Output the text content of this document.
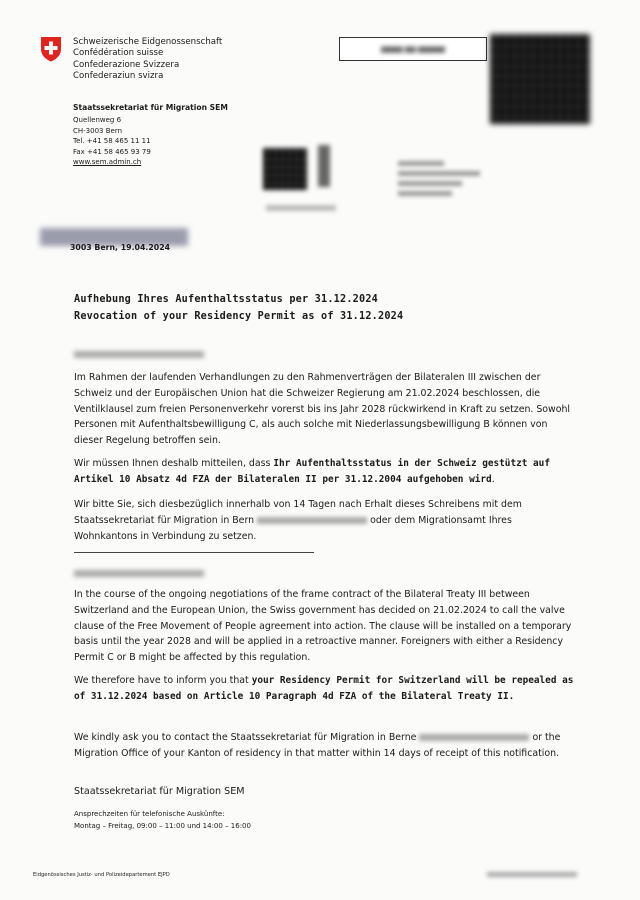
Schweizerische Eidgenossenschaft
Confédération suisse
Confederazione Svizzera
Confederaziun svizra
Staatssekretariat für Migration SEM
Quellenweg 6
CH-3003 Bern
Tel. +41 58 465 11 11
Fax +41 58 465 93 79
www.sem.admin.ch
▆▆▆▆ ▆▆ ▆▆▆▆▆
3003 Bern, 19.04.2024
Aufhebung Ihres Aufenthaltsstatus per 31.12.2024
Revocation of your Residency Permit as of 31.12.2024
Im Rahmen der laufenden Verhandlungen zu den Rahmenverträgen der Bilateralen III zwischen der Schweiz und der Europäischen Union hat die Schweizer Regierung am 21.02.2024 beschlossen, die Ventilklausel zum freien Personenverkehr vorerst bis ins Jahr 2028 rückwirkend in Kraft zu setzen. Sowohl Personen mit Aufenthaltsbewilligung C, als auch solche mit Niederlassungsbewilligung B können von dieser Regelung betroffen sein.
Wir müssen Ihnen deshalb mitteilen, dass Ihr Aufenthaltsstatus in der Schweiz gestützt auf Artikel 10 Absatz 4d FZA der Bilateralen II per 31.12.2004 aufgehoben wird.
Wir bitte Sie, sich diesbezüglich innerhalb von 14 Tagen nach Erhalt dieses Schreibens mit dem Staatssekretariat für Migration in Bern	oder dem Migrationsamt Ihres Wohnkantons in Verbindung zu setzen.
In the course of the ongoing negotiations of the frame contract of the Bilateral Treaty III between Switzerland and the European Union, the Swiss government has decided on 21.02.2024 to call the valve clause of the Free Movement of People agreement into action. The clause will be installed on a temporary basis until the year 2028 and will be applied in a retroactive manner. Foreigners with either a Residency Permit C or B might be affected by this regulation.
We therefore have to inform you that your Residency Permit for Switzerland will be repealed as of 31.12.2024 based on Article 10 Paragraph 4d FZA of the Bilateral Treaty II.
We kindly ask you to contact the Staatssekretariat für Migration in Berne	or the Migration Office of your Kanton of residency in that matter within 14 days of receipt of this notification.
Staatssekretariat für Migration SEM
Ansprechzeiten für telefonische Auskünfte:
Montag – Freitag, 09:00 – 11:00 und 14:00 – 16:00
Eidgenössisches Justiz- und Polizeidepartement EJPD
